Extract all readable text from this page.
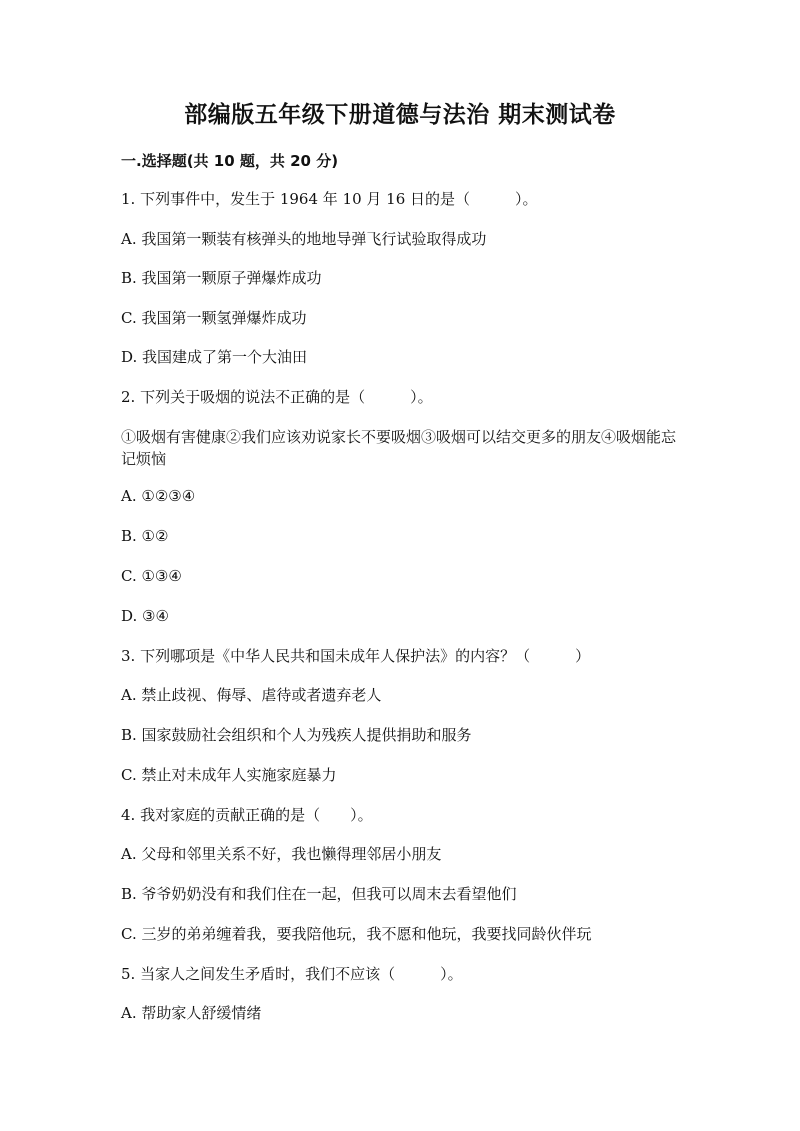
部编版五年级下册道德与法治 期末测试卷
一.选择题(共 10 题，共 20 分)
1. 下列事件中，发生于 1964 年 10 月 16 日的是（　　　）。
A. 我国第一颗装有核弹头的地地导弹飞行试验取得成功
B. 我国第一颗原子弹爆炸成功
C. 我国第一颗氢弹爆炸成功
D. 我国建成了第一个大油田
2. 下列关于吸烟的说法不正确的是（　　　）。
①吸烟有害健康②我们应该劝说家长不要吸烟③吸烟可以结交更多的朋友④吸烟能忘记烦恼
A. ①②③④
B. ①②
C. ①③④
D. ③④
3. 下列哪项是《中华人民共和国未成年人保护法》的内容？（　　　）
A. 禁止歧视、侮辱、虐待或者遗弃老人
B. 国家鼓励社会组织和个人为残疾人提供捐助和服务
C. 禁止对未成年人实施家庭暴力
4. 我对家庭的贡献正确的是（　　）。
A. 父母和邻里关系不好，我也懒得理邻居小朋友
B. 爷爷奶奶没有和我们住在一起，但我可以周末去看望他们
C. 三岁的弟弟缠着我，要我陪他玩，我不愿和他玩，我要找同龄伙伴玩
5. 当家人之间发生矛盾时，我们不应该（　　　）。
A. 帮助家人舒缓情绪
